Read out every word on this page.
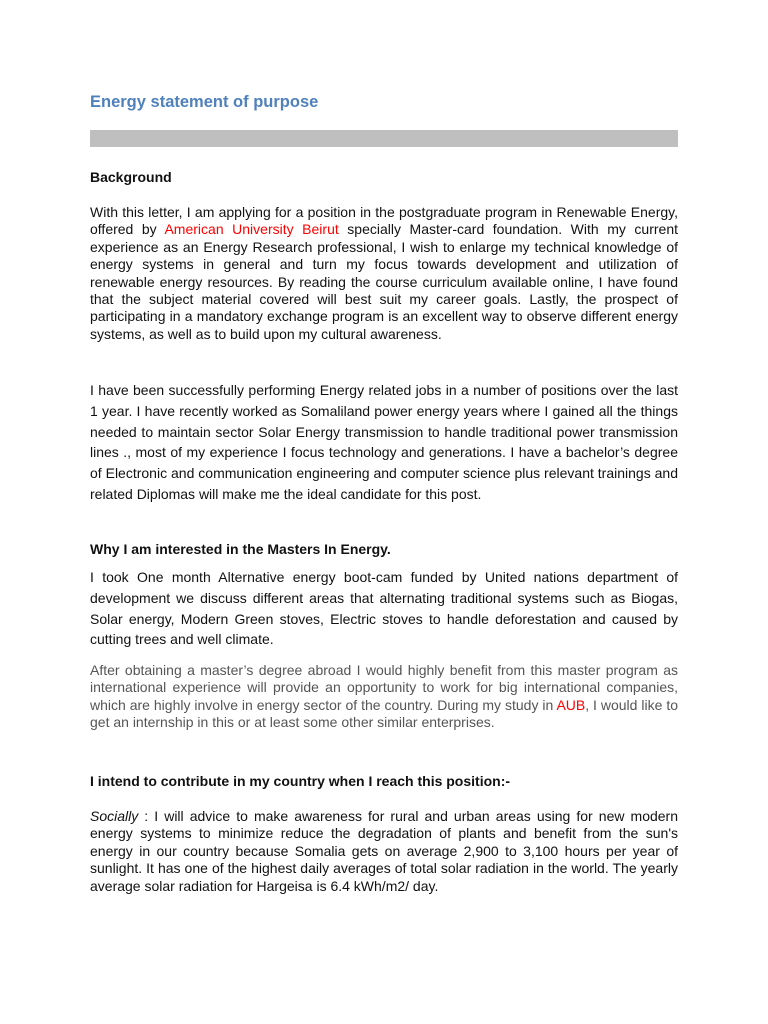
Energy statement of purpose
Background

With this letter, I am applying for a position in the postgraduate program in Renewable Energy, offered by American University Beirut specially Master-card foundation. With my current experience as an Energy Research professional, I wish to enlarge my technical knowledge of energy systems in general and turn my focus towards development and utilization of renewable energy resources. By reading the course curriculum available online, I have found that the subject material covered will best suit my career goals. Lastly, the prospect of participating in a mandatory exchange program is an excellent way to observe different energy systems, as well as to build upon my cultural awareness.

I have been successfully performing Energy related jobs in a number of positions over the last 1 year. I have recently worked as Somaliland power energy years where I gained all the things needed to maintain sector Solar Energy transmission to handle traditional power transmission lines ., most of my experience I focus technology and generations. I have a bachelor’s degree of Electronic and communication engineering and computer science plus relevant trainings and related Diplomas will make me the ideal candidate for this post.

Why I am interested in the Masters In Energy.

I took One month Alternative energy boot-cam funded by United nations department of development we discuss different areas that alternating traditional systems such as Biogas, Solar energy, Modern Green stoves, Electric stoves to handle deforestation and caused by cutting trees and well climate.

After obtaining a master’s degree abroad I would highly benefit from this master program as international experience will provide an opportunity to work for big international companies, which are highly involve in energy sector of the country. During my study in AUB, I would like to get an internship in this or at least some other similar enterprises.

I intend to contribute in my country when I reach this position:-

Socially : I will advice to make awareness for rural and urban areas using for new modern energy systems to minimize reduce the degradation of plants and benefit from the sun's energy in our country because Somalia gets on average 2,900 to 3,100 hours per year of sunlight. It has one of the highest daily averages of total solar radiation in the world. The yearly average solar radiation for Hargeisa is 6.4 kWh/m2/ day.
